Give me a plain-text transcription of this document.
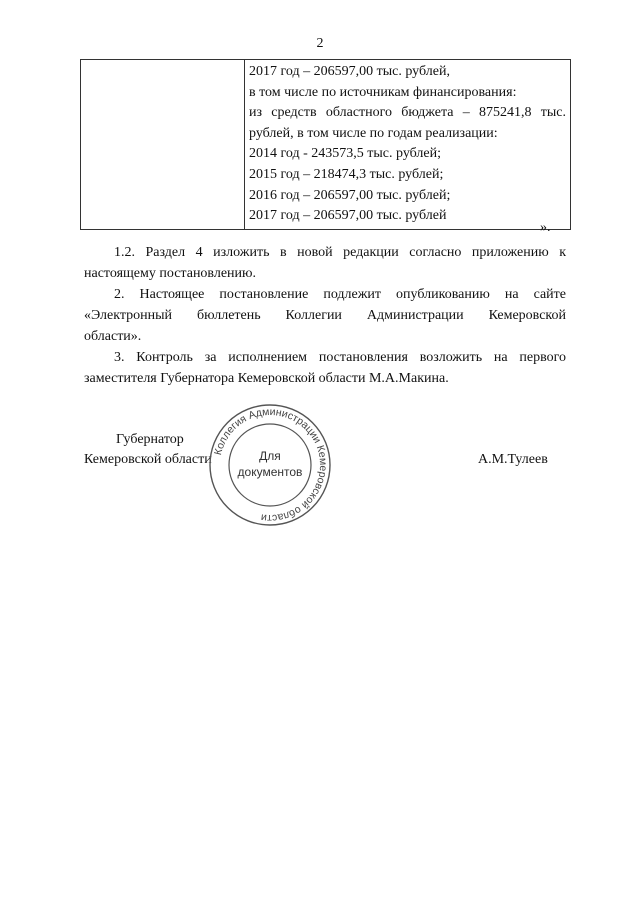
2

2017 год – 206597,00 тыс. рублей,
в том числе по источникам финансирования:
из средств областного бюджета – 875241,8 тыс.
рублей, в том числе по годам реализации:
2014 год - 243573,5 тыс. рублей;
2015 год – 218474,3 тыс. рублей;
2016 год – 206597,00 тыс. рублей;
2017 год – 206597,00 тыс. рублей
».
1.2. Раздел 4 изложить в новой редакции согласно приложению к
настоящему постановлению.
2. Настоящее постановление подлежит опубликованию на сайте
«Электронный бюллетень Коллегии Администрации Кемеровской
области».
3. Контроль за исполнением постановления возложить на первого
заместителя Губернатора Кемеровской области М.А.Макина.
Губернатор
Кемеровской области	А.М.Тулеев
Коллегия Администрации Кемеровской области
Для
документов
